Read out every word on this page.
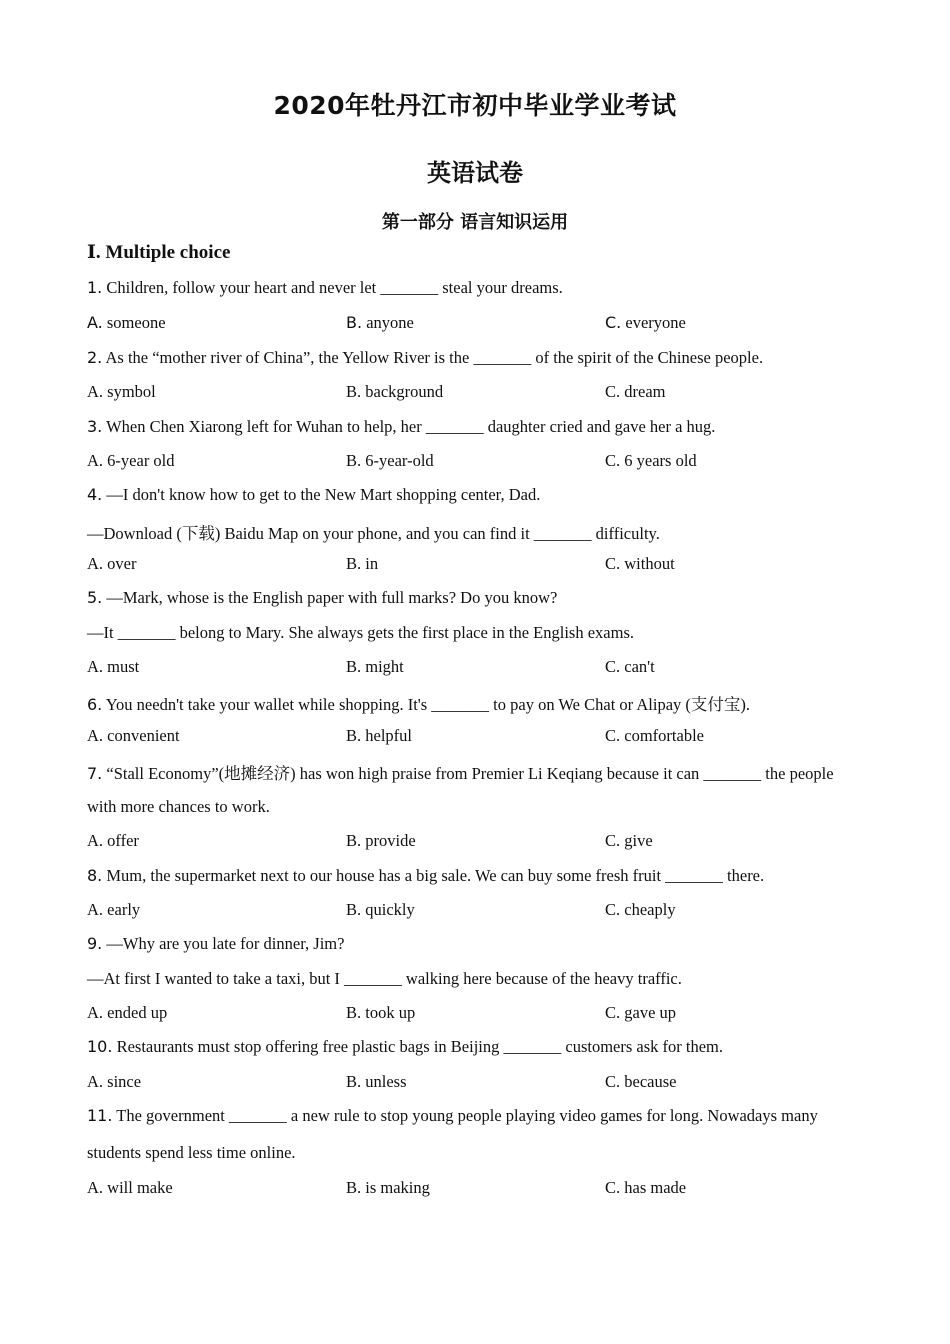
2020年牡丹江市初中毕业学业考试
英语试卷
第一部分 语言知识运用
Ⅰ. Multiple choice
1. Children, follow your heart and never let _______ steal your dreams.
A. someone	B. anyone	C. everyone
2. As the “mother river of China”, the Yellow River is the _______ of the spirit of the Chinese people.
A. symbol	B. background	C. dream
3. When Chen Xiarong left for Wuhan to help, her _______ daughter cried and gave her a hug.
A. 6-year old	B. 6-year-old	C. 6 years old
4. —I don't know how to get to the New Mart shopping center, Dad.
—Download (下载) Baidu Map on your phone, and you can find it _______ difficulty.
A. over	B. in	C. without
5. —Mark, whose is the English paper with full marks? Do you know?
—It _______ belong to Mary. She always gets the first place in the English exams.
A. must	B. might	C. can't
6. You needn't take your wallet while shopping. It's _______ to pay on We Chat or Alipay (支付宝).
A. convenient	B. helpful	C. comfortable
7. “Stall Economy”(地摊经济) has won high praise from Premier Li Keqiang because it can _______ the people
with more chances to work.
A. offer	B. provide	C. give
8. Mum, the supermarket next to our house has a big sale. We can buy some fresh fruit _______ there.
A. early	B. quickly	C. cheaply
9. —Why are you late for dinner, Jim?
—At first I wanted to take a taxi, but I _______ walking here because of the heavy traffic.
A. ended up	B. took up	C. gave up
10. Restaurants must stop offering free plastic bags in Beijing _______ customers ask for them.
A. since	B. unless	C. because
11. The government _______ a new rule to stop young people playing video games for long. Nowadays many
students spend less time online.
A. will make	B. is making	C. has made
